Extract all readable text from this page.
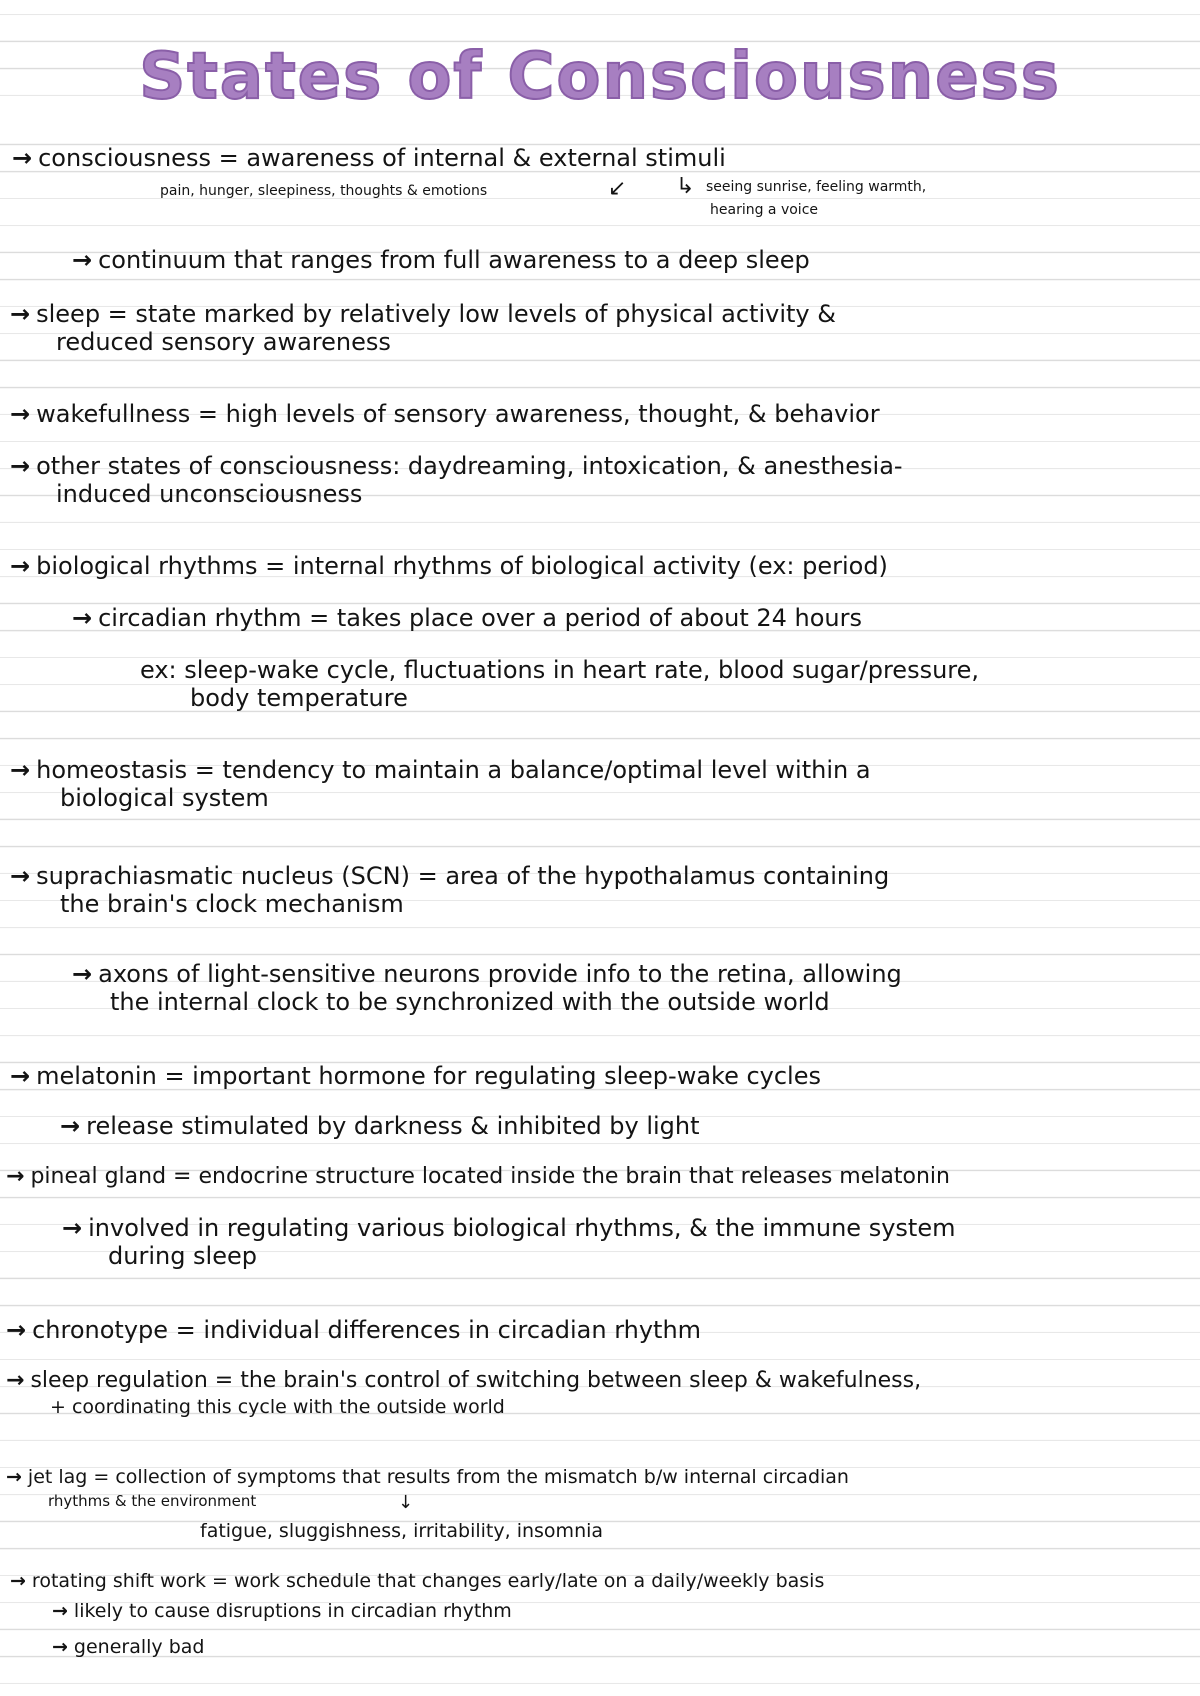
States of Consciousness
→ consciousness = awareness of internal & external stimuli
pain, hunger, sleepiness, thoughts & emotions	↙ ↳ seeing sunrise, feeling warmth,
hearing a voice
→ continuum that ranges from full awareness to a deep sleep
→ sleep = state marked by relatively low levels of physical activity &
reduced sensory awareness
→ wakefullness = high levels of sensory awareness, thought, & behavior
→ other states of consciousness: daydreaming, intoxication, & anesthesia-
induced unconsciousness
→ biological rhythms = internal rhythms of biological activity (ex: period)
→ circadian rhythm = takes place over a period of about 24 hours
ex: sleep-wake cycle, fluctuations in heart rate, blood sugar/pressure,
body temperature
→ homeostasis = tendency to maintain a balance/optimal level within a
biological system
→ suprachiasmatic nucleus (SCN) = area of the hypothalamus containing
the brain's clock mechanism
→ axons of light-sensitive neurons provide info to the retina, allowing
the internal clock to be synchronized with the outside world
→ melatonin = important hormone for regulating sleep-wake cycles
→ release stimulated by darkness & inhibited by light
→ pineal gland = endocrine structure located inside the brain that releases melatonin
→ involved in regulating various biological rhythms, & the immune system
during sleep
→ chronotype = individual differences in circadian rhythm
→ sleep regulation = the brain's control of switching between sleep & wakefulness,
+ coordinating this cycle with the outside world
→ jet lag = collection of symptoms that results from the mismatch b/w internal circadian
rhythms & the environment	↓
fatigue, sluggishness, irritability, insomnia
→ rotating shift work = work schedule that changes early/late on a daily/weekly basis
→ likely to cause disruptions in circadian rhythm
→ generally bad
